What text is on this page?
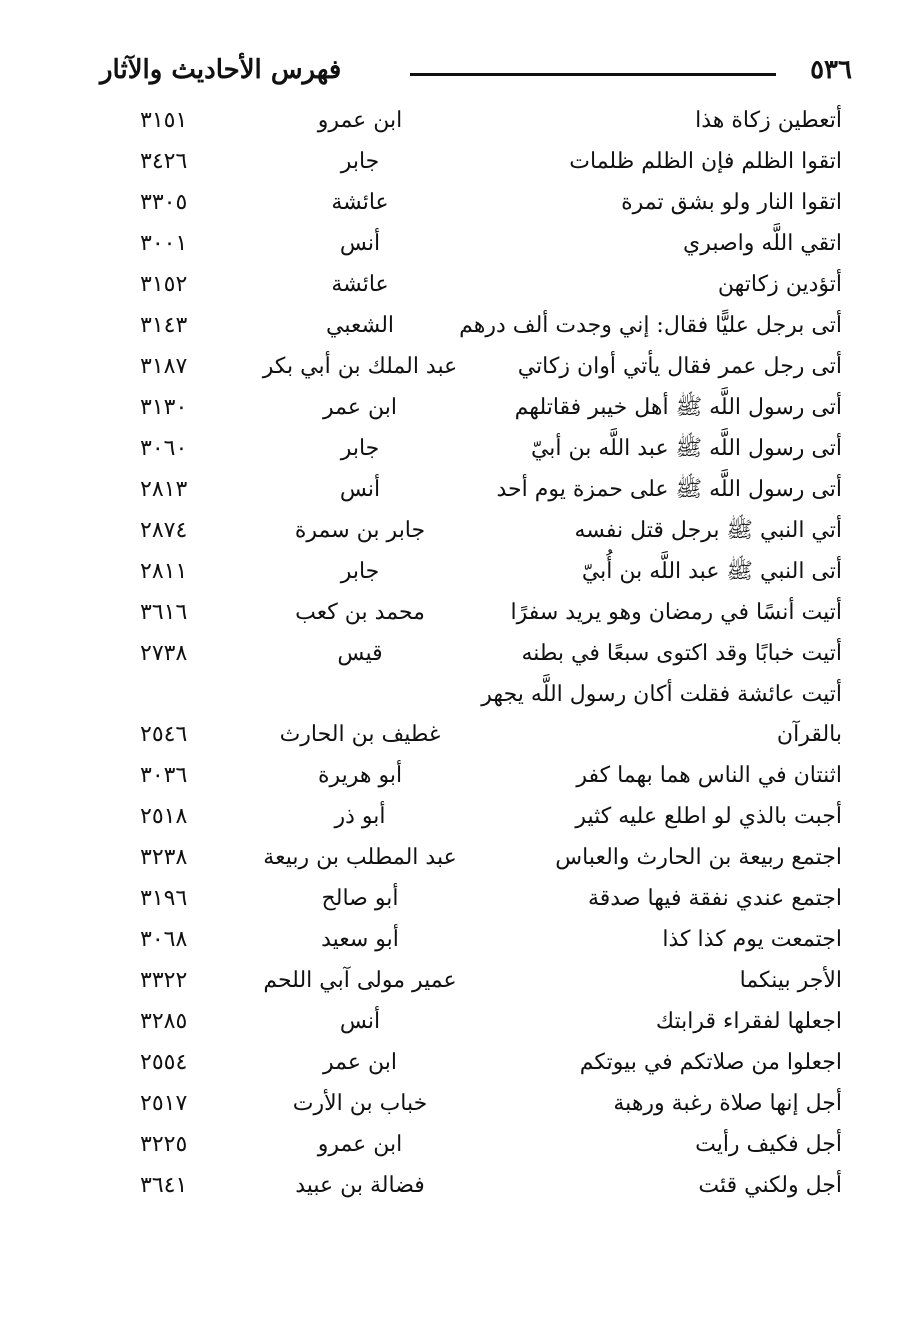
٥٣٦
فهرس الأحاديث والآثار
أتعطين زكاة هذا
ابن عمرو
٣١٥١
اتقوا الظلم فإن الظلم ظلمات
جابر
٣٤٢٦
اتقوا النار ولو بشق تمرة
عائشة
٣٣٠٥
اتقي اللَّه واصبري
أنس
٣٠٠١
أتؤدين زكاتهن
عائشة
٣١٥٢
أتى برجل عليًّا فقال: إني وجدت ألف درهم
الشعبي
٣١٤٣
أتى رجل عمر فقال يأتي أوان زكاتي
عبد الملك بن أبي بكر
٣١٨٧
أتى رسول اللَّه ﷺ أهل خيبر فقاتلهم
ابن عمر
٣١٣٠
أتى رسول اللَّه ﷺ عبد اللَّه بن أبيّ
جابر
٣٠٦٠
أتى رسول اللَّه ﷺ على حمزة يوم أحد
أنس
٢٨١٣
أتي النبي ﷺ برجل قتل نفسه
جابر بن سمرة
٢٨٧٤
أتى النبي ﷺ عبد اللَّه بن أُبيّ
جابر
٢٨١١
أتيت أنسًا في رمضان وهو يريد سفرًا
محمد بن كعب
٣٦١٦
أتيت خبابًا وقد اكتوى سبعًا في بطنه
قيس
٢٧٣٨
أتيت عائشة فقلت أكان رسول اللَّه يجهر
بالقرآن
غطيف بن الحارث
٢٥٤٦
اثنتان في الناس هما بهما كفر
أبو هريرة
٣٠٣٦
أجبت بالذي لو اطلع عليه كثير
أبو ذر
٢٥١٨
اجتمع ربيعة بن الحارث والعباس
عبد المطلب بن ربيعة
٣٢٣٨
اجتمع عندي نفقة فيها صدقة
أبو صالح
٣١٩٦
اجتمعت يوم كذا كذا
أبو سعيد
٣٠٦٨
الأجر بينكما
عمير مولى آبي اللحم
٣٣٢٢
اجعلها لفقراء قرابتك
أنس
٣٢٨٥
اجعلوا من صلاتكم في بيوتكم
ابن عمر
٢٥٥٤
أجل إنها صلاة رغبة ورهبة
خباب بن الأرت
٢٥١٧
أجل فكيف رأيت
ابن عمرو
٣٢٢٥
أجل ولكني قئت
فضالة بن عبيد
٣٦٤١
